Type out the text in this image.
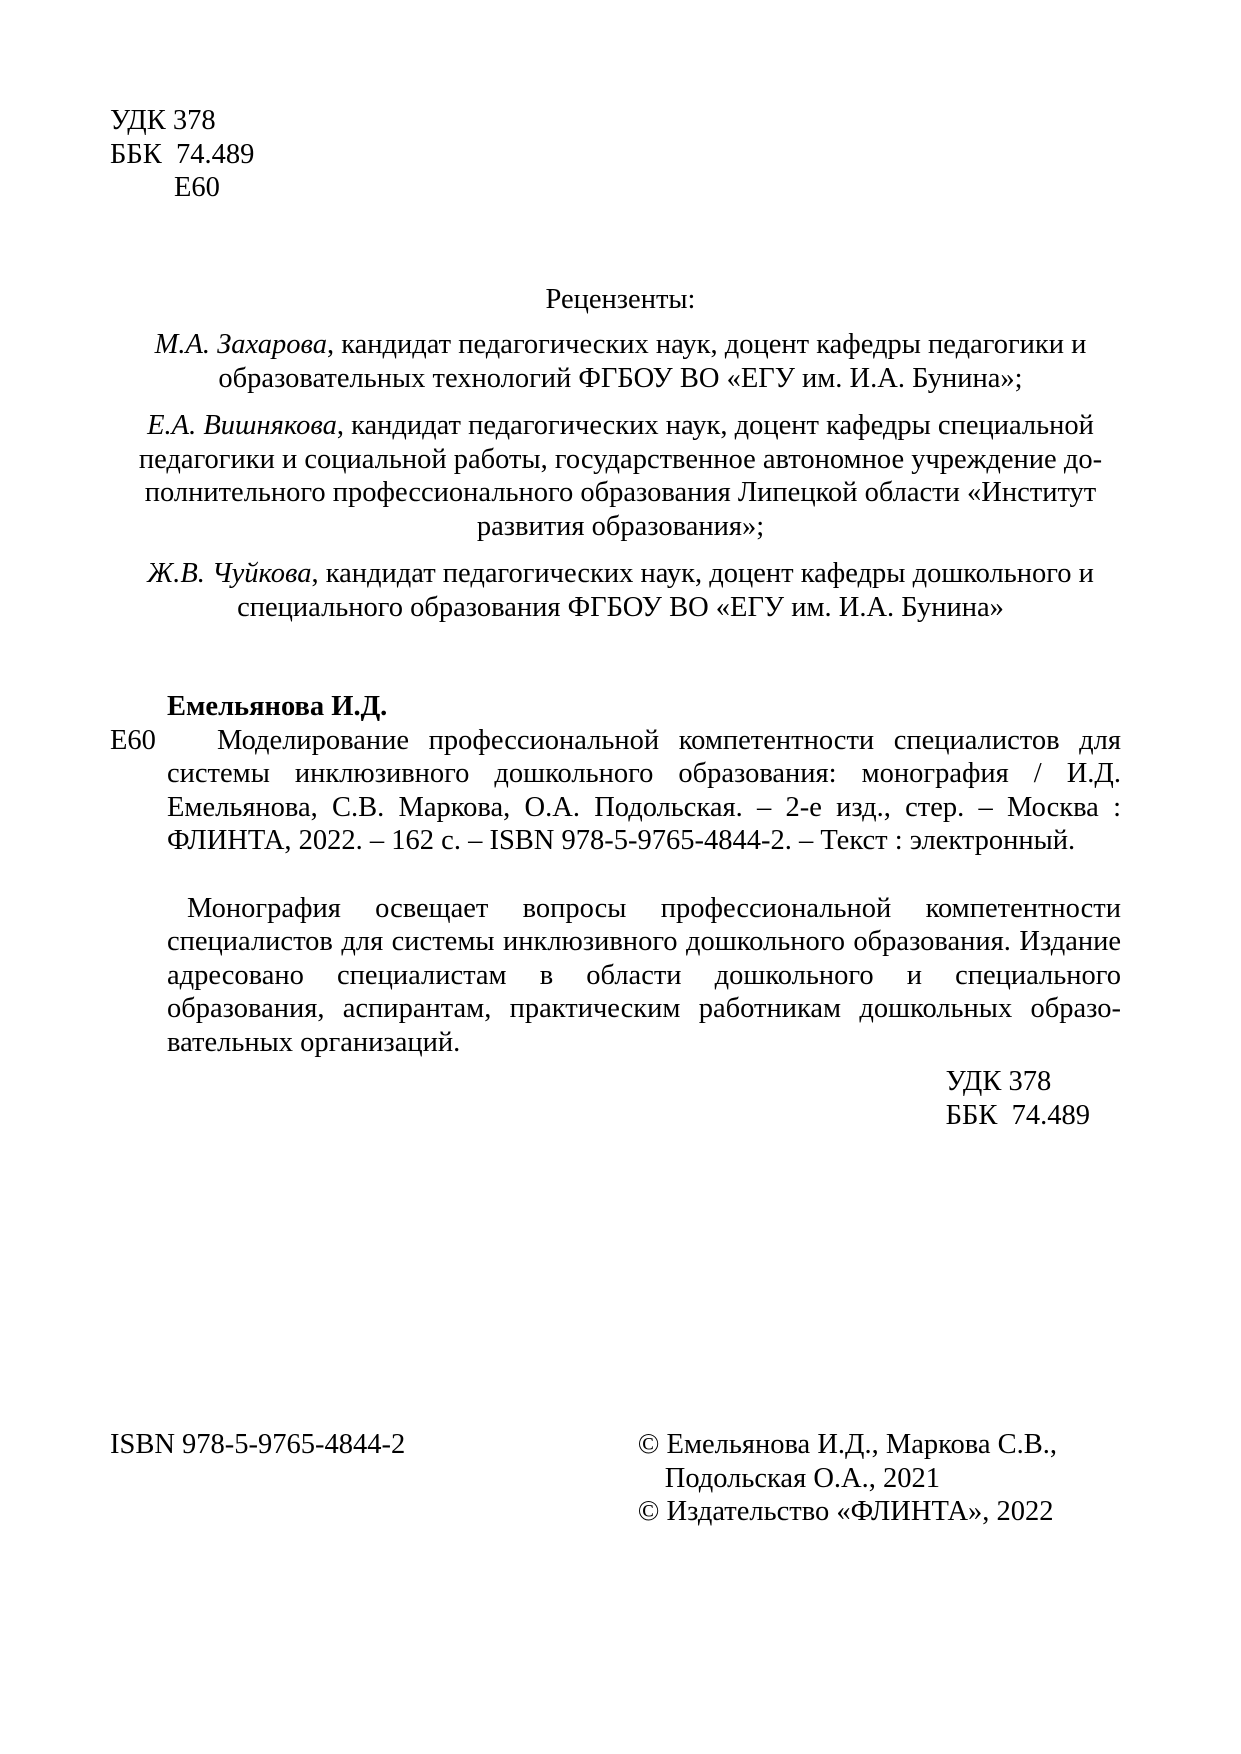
УДК 378
ББК  74.489
Е60
Рецензенты:

М.А. Захарова, кандидат педагогических наук, доцент кафедры педагогики и образовательных технологий ФГБОУ ВО «ЕГУ им. И.А. Бунина»;

Е.А. Вишнякова, кандидат педагогических наук, доцент кафедры специальной педагогики и социальной работы, государственное автономное учреждение дополнительного профессионального образования Липецкой области «Институт развития образования»;

Ж.В. Чуйкова, кандидат педагогических наук, доцент кафедры дошкольного и специального образования ФГБОУ ВО «ЕГУ им. И.А. Бунина»

Емельянова И.Д.
Е60	Моделирование профессиональной компетентности специалистов для системы инклюзивного дошкольного образования: монография / И.Д. Емельянова, С.В. Маркова, О.А. Подольская. – 2-е изд., стер. – Москва : ФЛИНТА, 2022. – 162 с. – ISBN 978-5-9765-4844-2. – Текст : электронный.

Монография освещает вопросы профессиональной компетентности специалистов для системы инклюзивного дошкольного образования. Издание адресовано специалистам в области дошкольного и специального образования, аспирантам, практическим работникам дошкольных образовательных организаций.

УДК 378
ББК  74.489
ISBN 978-5-9765-4844-2	© Емельянова И.Д., Маркова С.В.,
Подольская О.А., 2021
© Издательство «ФЛИНТА», 2022
